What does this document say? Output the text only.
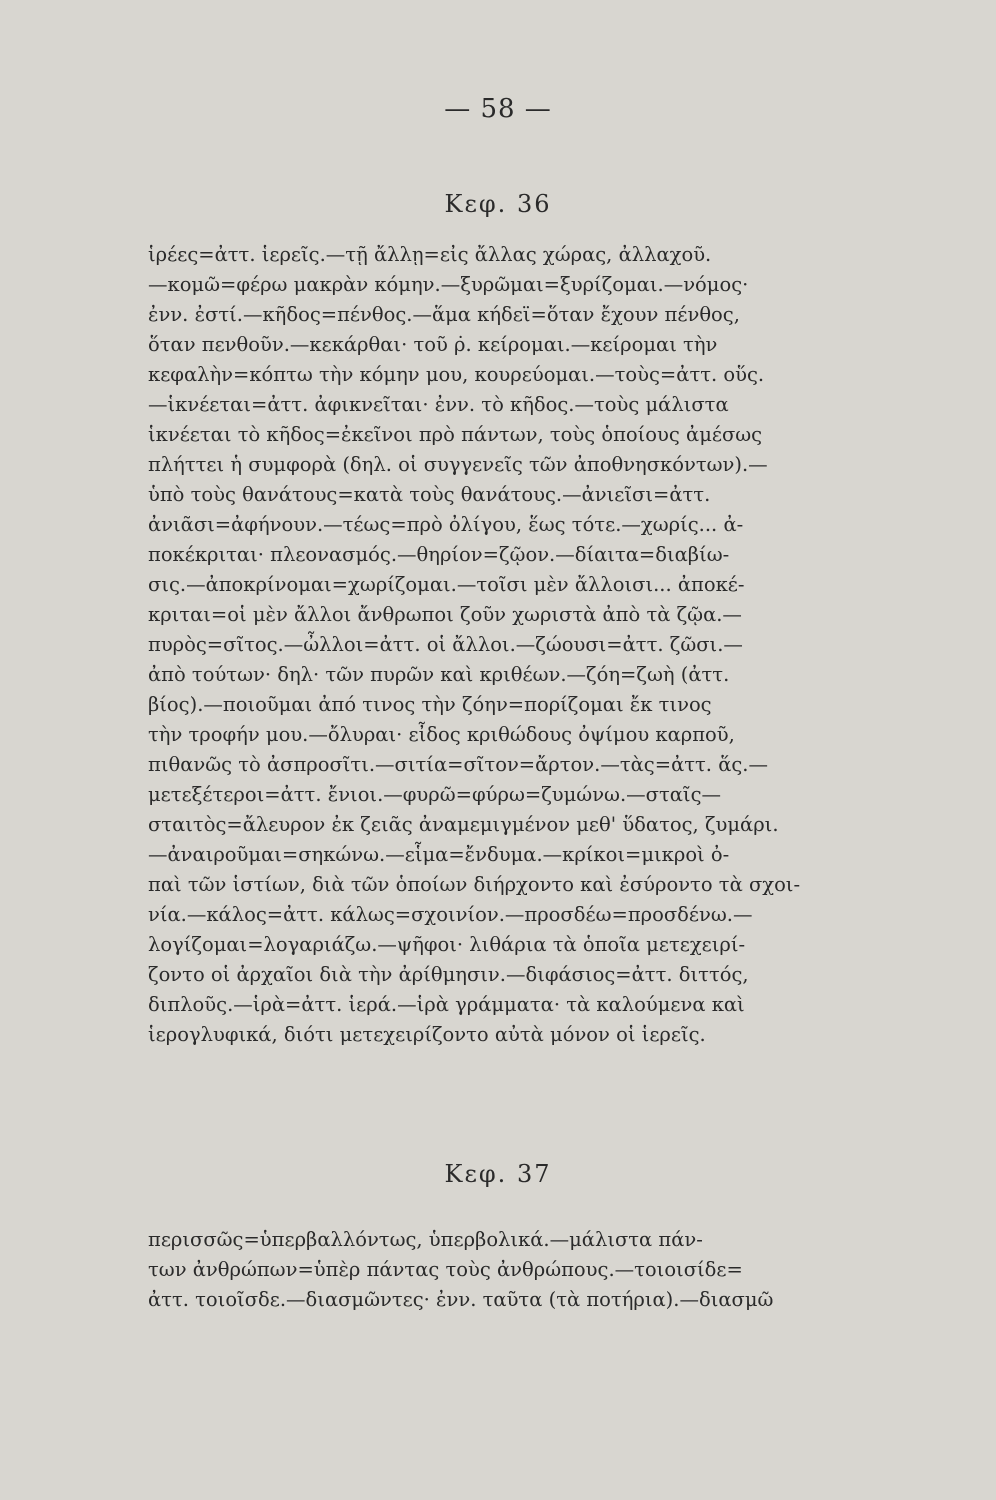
— 58 —
Κεφ. 36
ἱρέες=ἀττ. ἱερεῖς.—τῇ ἄλλῃ=εἰς ἄλλας χώρας, ἀλλαχοῦ.
—κομῶ=φέρω μακρὰν κόμην.—ξυρῶμαι=ξυρίζομαι.—νόμος·
ἐνν. ἐστί.—κῆδος=πένθος.—ἅμα κήδεϊ=ὅταν ἔχουν πένθος,
ὅταν πενθοῦν.—κεκάρθαι· τοῦ ρ̇. κείρομαι.—κείρομαι τὴν
κεφαλὴν=κόπτω τὴν κόμην μου, κουρεύομαι.—τοὺς=ἀττ. οὕς.
—ἱκνέεται=ἀττ. ἀφικνεῖται· ἐνν. τὸ κῆδος.—τοὺς μάλιστα
ἱκνέεται τὸ κῆδος=ἐκεῖνοι πρὸ πάντων, τοὺς ὁποίους ἀμέσως
πλήττει ἡ συμφορὰ (δηλ. οἱ συγγενεῖς τῶν ἀποθνησκόντων).—
ὑπὸ τοὺς θανάτους=κατὰ τοὺς θανάτους.—ἀνιεῖσι=ἀττ.
ἀνιᾶσι=ἀφήνουν.—τέως=πρὸ ὀλίγου, ἕως τότε.—χωρίς... ἀ-
ποκέκριται· πλεονασμός.—θηρίον=ζῷον.—δίαιτα=διαβίω-
σις.—ἀποκρίνομαι=χωρίζομαι.—τοῖσι μὲν ἄλλοισι... ἀποκέ-
κριται=οἱ μὲν ἄλλοι ἄνθρωποι ζοῦν χωριστὰ ἀπὸ τὰ ζῷα.—
πυρὸς=σῖτος.—ὦλλοι=ἀττ. οἱ ἄλλοι.—ζώουσι=ἀττ. ζῶσι.—
ἀπὸ τούτων· δηλ· τῶν πυρῶν καὶ κριθέων.—ζόη=ζωὴ (ἀττ.
βίος).—ποιοῦμαι ἀπό τινος τὴν ζόην=πορίζομαι ἔκ τινος
τὴν τροφήν μου.—ὄλυραι· εἶδος κριθώδους ὀψίμου καρποῦ,
πιθανῶς τὸ ἀσπροσῖτι.—σιτία=σῖτον=ἄρτον.—τὰς=ἀττ. ἅς.—
μετεξέτεροι=ἀττ. ἔνιοι.—φυρῶ=φύρω=ζυμώνω.—σταῖς—
σταιτὸς=ἄλευρον ἐκ ζειᾶς ἀναμεμιγμένον μεθ' ὕδατος, ζυμάρι.
—ἀναιροῦμαι=σηκώνω.—εἷμα=ἔνδυμα.—κρίκοι=μικροὶ ὀ-
παὶ τῶν ἱστίων, διὰ τῶν ὁποίων διήρχοντο καὶ ἐσύροντο τὰ σχοι-
νία.—κάλος=ἀττ. κάλως=σχοινίον.—προσδέω=προσδένω.—
λογίζομαι=λογαριάζω.—ψῆφοι· λιθάρια τὰ ὁποῖα μετεχειρί-
ζοντο οἱ ἀρχαῖοι διὰ τὴν ἀρίθμησιν.—διφάσιος=ἀττ. διττός,
διπλοῦς.—ἱρὰ=ἀττ. ἱερά.—ἱρὰ γράμματα· τὰ καλούμενα καὶ
ἱερογλυφικά, διότι μετεχειρίζοντο αὐτὰ μόνον οἱ ἱερεῖς.
Κεφ. 37
περισσῶς=ὑπερβαλλόντως, ὑπερβολικά.—μάλιστα πάν-
των ἀνθρώπων=ὑπὲρ πάντας τοὺς ἀνθρώπους.—τοιοισίδε=
ἀττ. τοιοῖσδε.—διασμῶντες· ἐνν. ταῦτα (τὰ ποτήρια).—διασμῶ
